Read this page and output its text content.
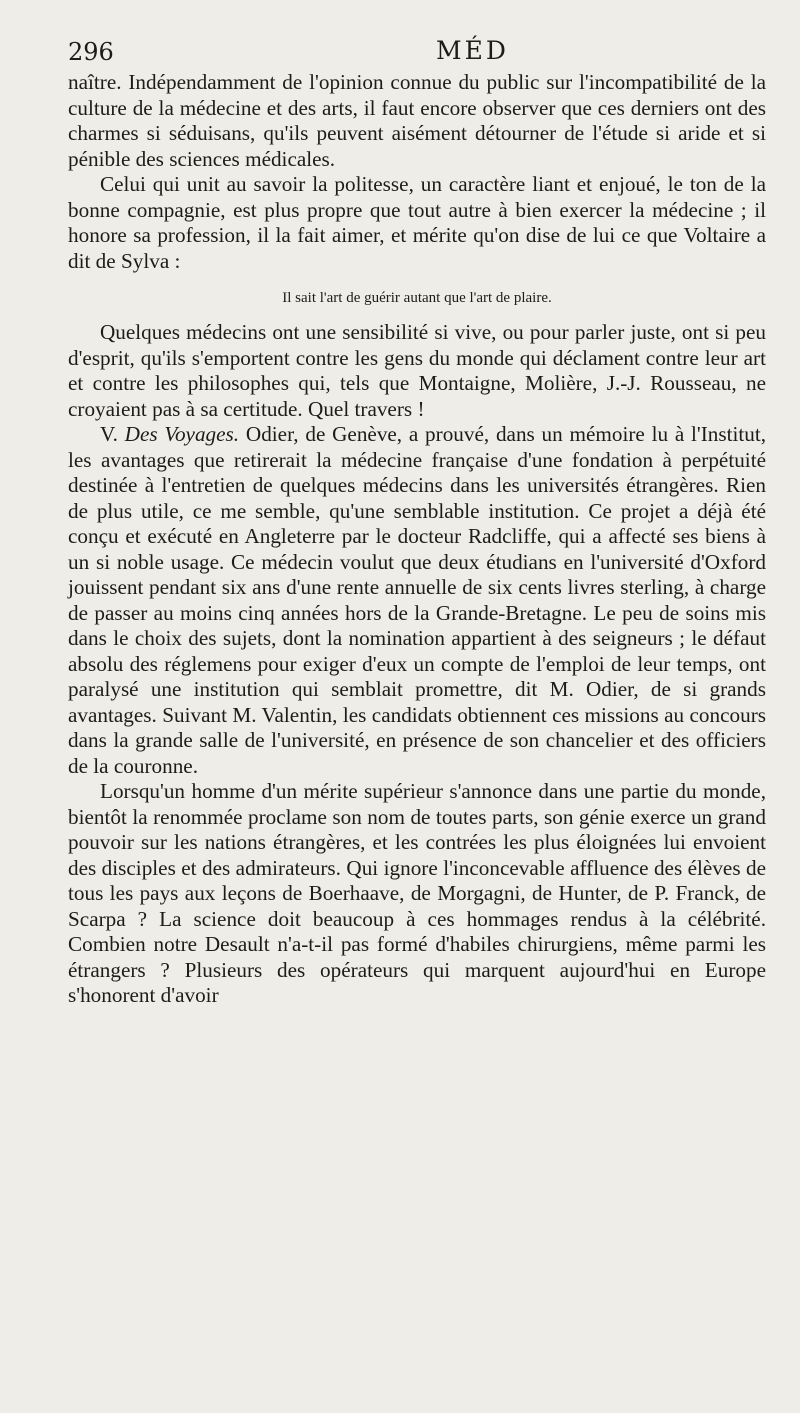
296	MÉD

naître. Indépendamment de l'opinion connue du public sur l'incompatibilité de la culture de la médecine et des arts, il faut encore observer que ces derniers ont des charmes si séduisans, qu'ils peuvent aisément détourner de l'étude si aride et si pénible des sciences médicales.

Celui qui unit au savoir la politesse, un caractère liant et enjoué, le ton de la bonne compagnie, est plus propre que tout autre à bien exercer la médecine ; il honore sa profession, il la fait aimer, et mérite qu'on dise de lui ce que Voltaire a dit de Sylva :

Il sait l'art de guérir autant que l'art de plaire.

Quelques médecins ont une sensibilité si vive, ou pour parler juste, ont si peu d'esprit, qu'ils s'emportent contre les gens du monde qui déclament contre leur art et contre les philosophes qui, tels que Montaigne, Molière, J.-J. Rousseau, ne croyaient pas à sa certitude. Quel travers !

V. Des Voyages. Odier, de Genève, a prouvé, dans un mémoire lu à l'Institut, les avantages que retirerait la médecine française d'une fondation à perpétuité destinée à l'entretien de quelques médecins dans les universités étrangères. Rien de plus utile, ce me semble, qu'une semblable institution. Ce projet a déjà été conçu et exécuté en Angleterre par le docteur Radcliffe, qui a affecté ses biens à un si noble usage. Ce médecin voulut que deux étudians en l'université d'Oxford jouissent pendant six ans d'une rente annuelle de six cents livres sterling, à charge de passer au moins cinq années hors de la Grande-Bretagne. Le peu de soins mis dans le choix des sujets, dont la nomination appartient à des seigneurs ; le défaut absolu des réglemens pour exiger d'eux un compte de l'emploi de leur temps, ont paralysé une institution qui semblait promettre, dit M. Odier, de si grands avantages. Suivant M. Valentin, les candidats obtiennent ces missions au concours dans la grande salle de l'université, en présence de son chancelier et des officiers de la couronne.

Lorsqu'un homme d'un mérite supérieur s'annonce dans une partie du monde, bientôt la renommée proclame son nom de toutes parts, son génie exerce un grand pouvoir sur les nations étrangères, et les contrées les plus éloignées lui envoient des disciples et des admirateurs. Qui ignore l'inconcevable affluence des élèves de tous les pays aux leçons de Boerhaave, de Morgagni, de Hunter, de P. Franck, de Scarpa ? La science doit beaucoup à ces hommages rendus à la célébrité. Combien notre Desault n'a-t-il pas formé d'habiles chirurgiens, même parmi les étrangers ? Plusieurs des opérateurs qui marquent aujourd'hui en Europe s'honorent d'avoir
